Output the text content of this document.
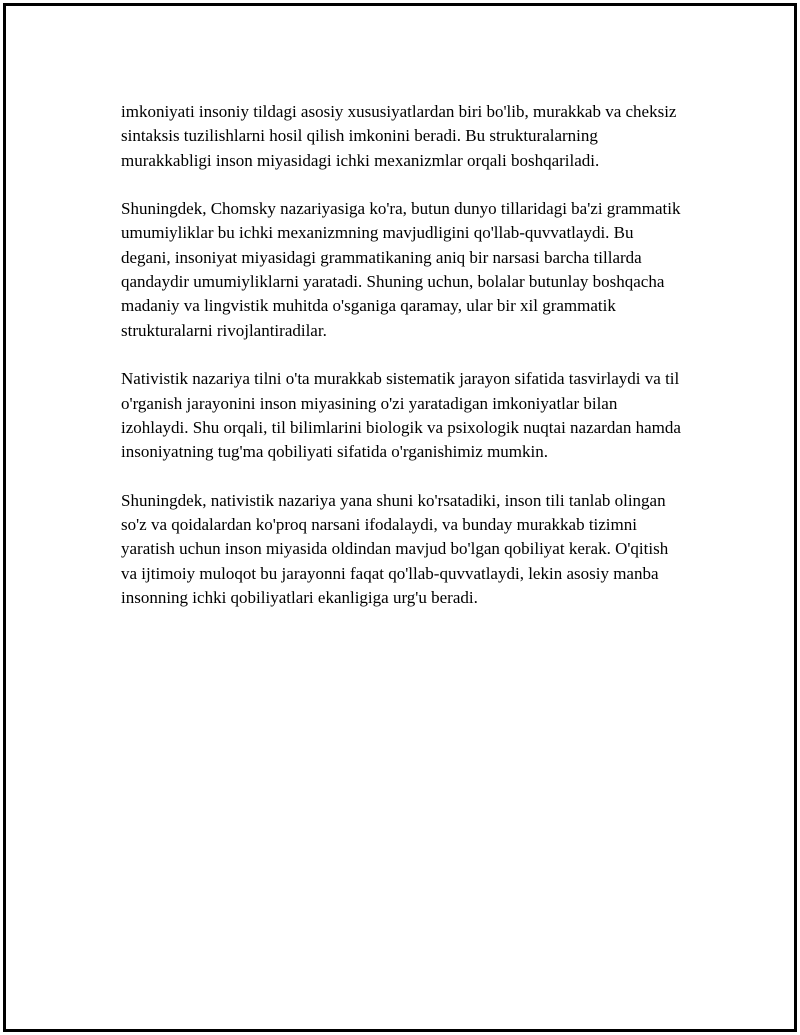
imkoniyati insoniy tildagi asosiy xususiyatlardan biri bo'lib, murakkab va cheksiz sintaksis tuzilishlarni hosil qilish imkonini beradi. Bu strukturalarning murakkabligi inson miyasidagi ichki mexanizmlar orqali boshqariladi.

Shuningdek, Chomsky nazariyasiga ko'ra, butun dunyo tillaridagi ba'zi grammatik umumiyliklar bu ichki mexanizmning mavjudligini qo'llab-quvvatlaydi. Bu degani, insoniyat miyasidagi grammatikaning aniq bir narsasi barcha tillarda qandaydir umumiyliklarni yaratadi. Shuning uchun, bolalar butunlay boshqacha madaniy va lingvistik muhitda o'sganiga qaramay, ular bir xil grammatik strukturalarni rivojlantiradilar.

Nativistik nazariya tilni o'ta murakkab sistematik jarayon sifatida tasvirlaydi va til o'rganish jarayonini inson miyasining o'zi yaratadigan imkoniyatlar bilan izohlaydi. Shu orqali, til bilimlarini biologik va psixologik nuqtai nazardan hamda insoniyatning tug'ma qobiliyati sifatida o'rganishimiz mumkin.

Shuningdek, nativistik nazariya yana shuni ko'rsatadiki, inson tili tanlab olingan so'z va qoidalardan ko'proq narsani ifodalaydi, va bunday murakkab tizimni yaratish uchun inson miyasida oldindan mavjud bo'lgan qobiliyat kerak. O'qitish va ijtimoiy muloqot bu jarayonni faqat qo'llab-quvvatlaydi, lekin asosiy manba insonning ichki qobiliyatlari ekanligiga urg'u beradi.
